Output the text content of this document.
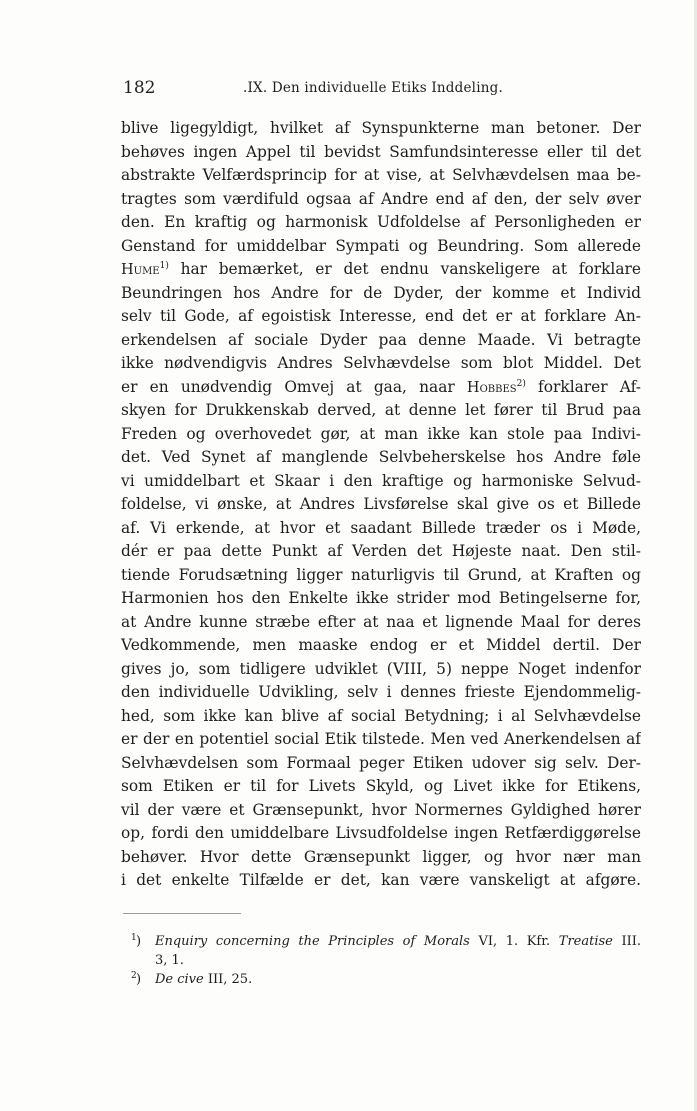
182	.IX. Den individuelle Etiks Inddeling.
blive ligegyldigt, hvilket af Synspunkterne man betoner. Der
behøves ingen Appel til bevidst Samfundsinteresse eller til det
abstrakte Velfærdsprincip for at vise, at Selvhævdelsen maa be-
tragtes som værdifuld ogsaa af Andre end af den, der selv øver
den. En kraftig og harmonisk Udfoldelse af Personligheden er
Genstand for umiddelbar Sympati og Beundring. Som allerede
Hume$^{1)}$ har bemærket, er det endnu vanskeligere at forklare
Beundringen hos Andre for de Dyder, der komme et Individ
selv til Gode, af egoistisk Interesse, end det er at forklare An-
erkendelsen af sociale Dyder paa denne Maade. Vi betragte
ikke nødvendigvis Andres Selvhævdelse som blot Middel. Det
er en unødvendig Omvej at gaa, naar Hobbes$^{2)}$ forklarer Af-
skyen for Drukkenskab derved, at denne let fører til Brud paa
Freden og overhovedet gør, at man ikke kan stole paa Indivi-
det. Ved Synet af manglende Selvbeherskelse hos Andre føle
vi umiddelbart et Skaar i den kraftige og harmoniske Selvud-
foldelse, vi ønske, at Andres Livsførelse skal give os et Billede
af. Vi erkende, at hvor et saadant Billede træder os i Møde,
dér er paa dette Punkt af Verden det Højeste naat. Den stil-
tiende Forudsætning ligger naturligvis til Grund, at Kraften og
Harmonien hos den Enkelte ikke strider mod Betingelserne for,
at Andre kunne stræbe efter at naa et lignende Maal for deres
Vedkommende, men maaske endog er et Middel dertil. Der
gives jo, som tidligere udviklet (VIII, 5) neppe Noget indenfor
den individuelle Udvikling, selv i dennes frieste Ejendommelig-
hed, som ikke kan blive af social Betydning; i al Selvhævdelse
er der en potentiel social Etik tilstede. Men ved Anerkendelsen af
Selvhævdelsen som Formaal peger Etiken udover sig selv. Der-
som Etiken er til for Livets Skyld, og Livet ikke for Etikens,
vil der være et Grænsepunkt, hvor Normernes Gyldighed hører
op, fordi den umiddelbare Livsudfoldelse ingen Retfærdiggørelse
behøver. Hvor dette Grænsepunkt ligger, og hvor nær man
i det enkelte Tilfælde er det, kan være vanskeligt at afgøre.
1 ) Enquiry concerning the Principles of Morals VI, 1. Kfr. Treatise III.
3, 1.
2 ) De cive III, 25.
